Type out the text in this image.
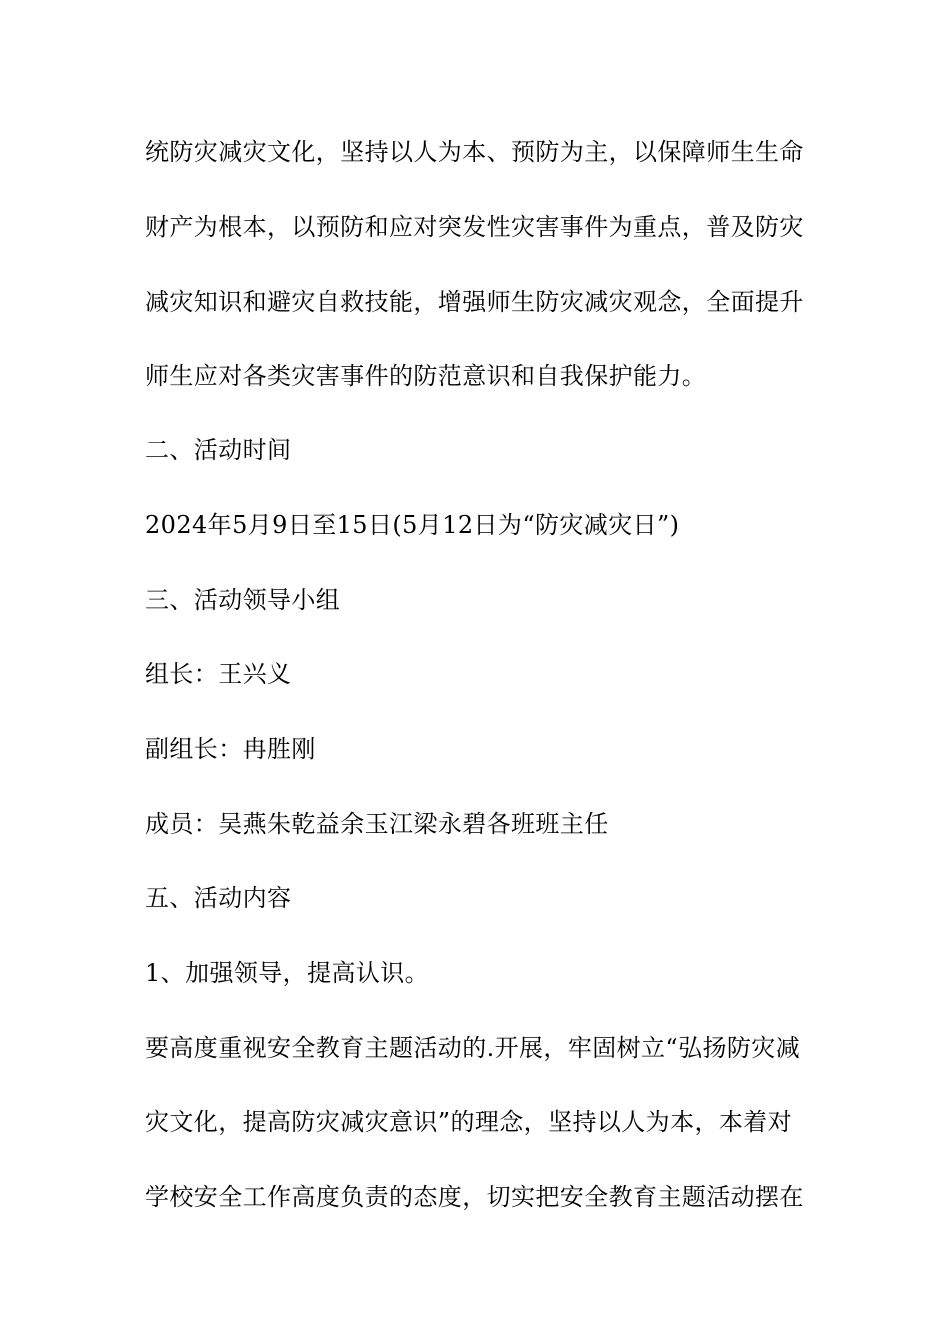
统防灾减灾文化，坚持以人为本、预防为主，以保障师生生命
财产为根本，以预防和应对突发性灾害事件为重点，普及防灾
减灾知识和避灾自救技能，增强师生防灾减灾观念，全面提升
师生应对各类灾害事件的防范意识和自我保护能力。
二、活动时间
2024年5月9日至15日(5月12日为“防灾减灾日”)
三、活动领导小组
组长：王兴义
副组长：冉胜刚
成员：吴燕朱乾益余玉江梁永碧各班班主任
五、活动内容
1、加强领导，提高认识。
要高度重视安全教育主题活动的.开展，牢固树立“弘扬防灾减
灾文化，提高防灾减灾意识”的理念，坚持以人为本，本着对
学校安全工作高度负责的态度，切实把安全教育主题活动摆在
